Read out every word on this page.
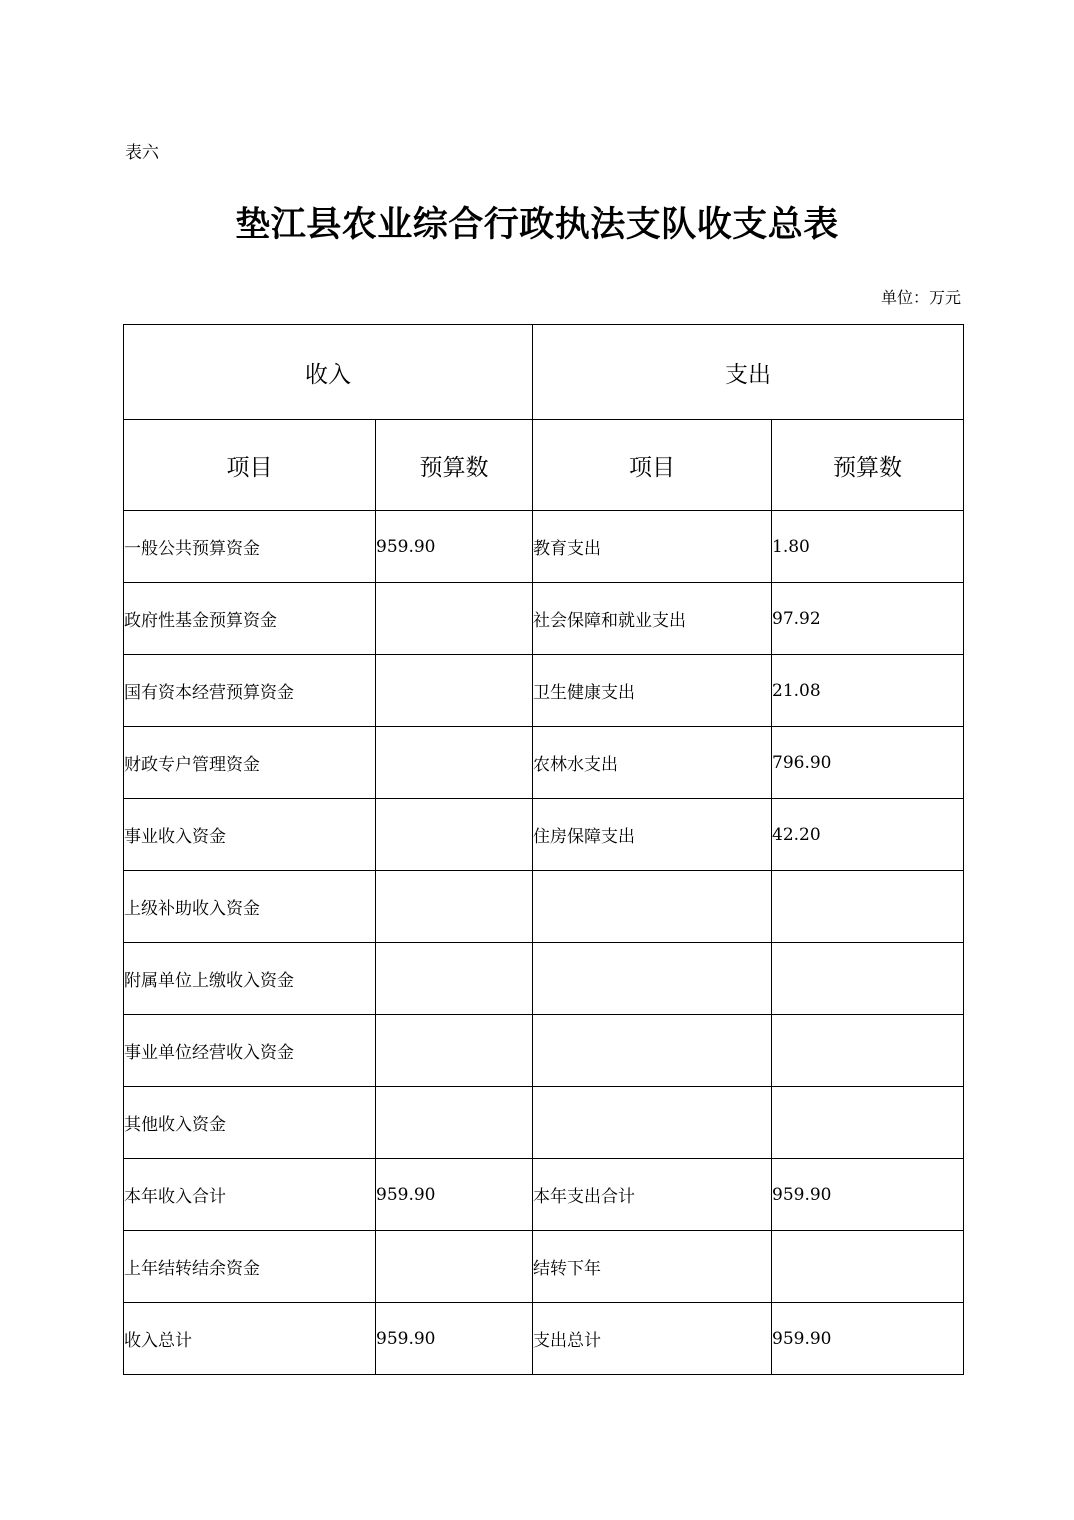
表六
垫江县农业综合行政执法支队收支总表
单位：万元
收入		支出	
项目	预算数	项目	预算数
一般公共预算资金	959.90	教育支出	1.80
政府性基金预算资金		社会保障和就业支出	97.92
国有资本经营预算资金		卫生健康支出	21.08
财政专户管理资金		农林水支出	796.90
事业收入资金		住房保障支出	42.20
上级补助收入资金			
附属单位上缴收入资金			
事业单位经营收入资金			
其他收入资金			
本年收入合计	959.90	本年支出合计	959.90
上年结转结余资金		结转下年	
收入总计	959.90	支出总计	959.90
